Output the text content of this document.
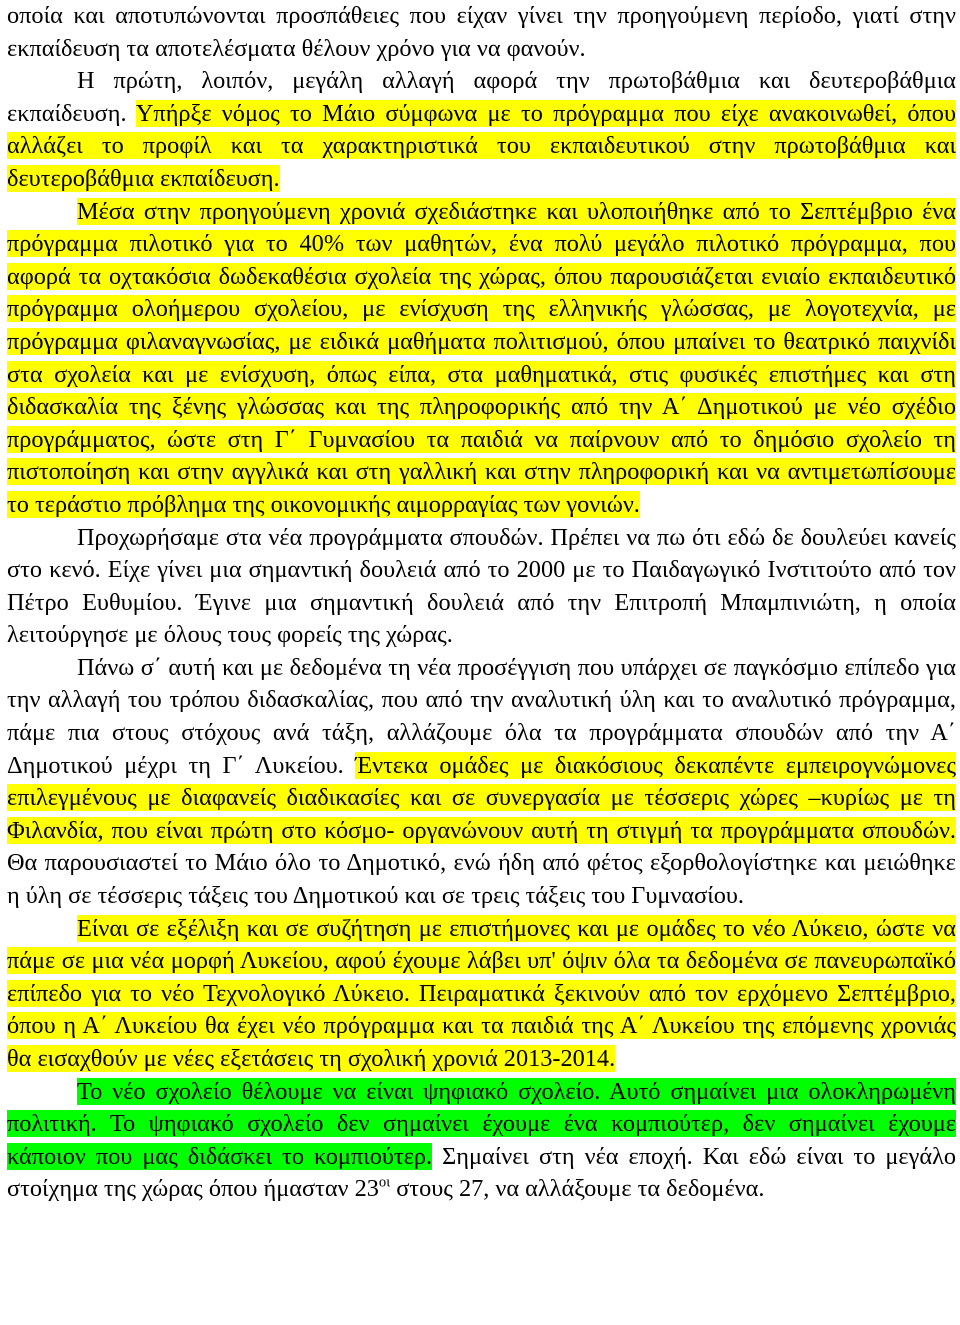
οποία και αποτυπώνονται προσπάθειες που είχαν γίνει την προηγούμενη περίοδο, γιατί στην εκπαίδευση τα αποτελέσματα θέλουν χρόνο για να φανούν.

Η πρώτη, λοιπόν, μεγάλη αλλαγή αφορά την πρωτοβάθμια και δευτεροβάθμια εκπαίδευση. Υπήρξε νόμος το Μάιο σύμφωνα με το πρόγραμμα που είχε ανακοινωθεί, όπου αλλάζει το προφίλ και τα χαρακτηριστικά του εκπαιδευτικού στην πρωτοβάθμια και δευτεροβάθμια εκπαίδευση.

Μέσα στην προηγούμενη χρονιά σχεδιάστηκε και υλοποιήθηκε από το Σεπτέμβριο ένα πρόγραμμα πιλοτικό για το 40% των μαθητών, ένα πολύ μεγάλο πιλοτικό πρόγραμμα, που αφορά τα οχτακόσια δωδεκαθέσια σχολεία της χώρας, όπου παρουσιάζεται ενιαίο εκπαιδευτικό πρόγραμμα ολοήμερου σχολείου, με ενίσχυση της ελληνικής γλώσσας, με λογοτεχνία, με πρόγραμμα φιλαναγνωσίας, με ειδικά μαθήματα πολιτισμού, όπου μπαίνει το θεατρικό παιχνίδι στα σχολεία και με ενίσχυση, όπως είπα, στα μαθηματικά, στις φυσικές επιστήμες και στη διδασκαλία της ξένης γλώσσας και της πληροφορικής από την Α΄ Δημοτικού με νέο σχέδιο προγράμματος, ώστε στη Γ΄ Γυμνασίου τα παιδιά να παίρνουν από το δημόσιο σχολείο τη πιστοποίηση και στην αγγλικά και στη γαλλική και στην πληροφορική και να αντιμετωπίσουμε το τεράστιο πρόβλημα της οικονομικής αιμορραγίας των γονιών.

Προχωρήσαμε στα νέα προγράμματα σπουδών. Πρέπει να πω ότι εδώ δε δουλεύει κανείς στο κενό. Είχε γίνει μια σημαντική δουλειά από το 2000 με το Παιδαγωγικό Ινστιτούτο από τον Πέτρο Ευθυμίου. Έγινε μια σημαντική δουλειά από την Επιτροπή Μπαμπινιώτη, η οποία λειτούργησε με όλους τους φορείς της χώρας.

Πάνω σ΄ αυτή και με δεδομένα τη νέα προσέγγιση που υπάρχει σε παγκόσμιο επίπεδο για την αλλαγή του τρόπου διδασκαλίας, που από την αναλυτική ύλη και το αναλυτικό πρόγραμμα, πάμε πια στους στόχους ανά τάξη, αλλάζουμε όλα τα προγράμματα σπουδών από την Α΄ Δημοτικού μέχρι τη Γ΄ Λυκείου. Έντεκα ομάδες με διακόσιους δεκαπέντε εμπειρογνώμονες επιλεγμένους με διαφανείς διαδικασίες και σε συνεργασία με τέσσερις χώρες –κυρίως με τη Φιλανδία, που είναι πρώτη στο κόσμο- οργανώνουν αυτή τη στιγμή τα προγράμματα σπουδών. Θα παρουσιαστεί το Μάιο όλο το Δημοτικό, ενώ ήδη από φέτος εξορθολογίστηκε και μειώθηκε η ύλη σε τέσσερις τάξεις του Δημοτικού και σε τρεις τάξεις του Γυμνασίου.

Είναι σε εξέλιξη και σε συζήτηση με επιστήμονες και με ομάδες το νέο Λύκειο, ώστε να πάμε σε μια νέα μορφή Λυκείου, αφού έχουμε λάβει υπ' όψιν όλα τα δεδομένα σε πανευρωπαϊκό επίπεδο για το νέο Τεχνολογικό Λύκειο. Πειραματικά ξεκινούν από τον ερχόμενο Σεπτέμβριο, όπου η Α΄ Λυκείου θα έχει νέο πρόγραμμα και τα παιδιά της Α΄ Λυκείου της επόμενης χρονιάς θα εισαχθούν με νέες εξετάσεις τη σχολική χρονιά 2013-2014.

Το νέο σχολείο θέλουμε να είναι ψηφιακό σχολείο. Αυτό σημαίνει μια ολοκληρωμένη πολιτική. Το ψηφιακό σχολείο δεν σημαίνει έχουμε ένα κομπιούτερ, δεν σημαίνει έχουμε κάποιον που μας διδάσκει το κομπιούτερ. Σημαίνει στη νέα εποχή. Και εδώ είναι το μεγάλο στοίχημα της χώρας όπου ήμασταν $23^{o\iota}$ στους 27, να αλλάξουμε τα δεδομένα.
